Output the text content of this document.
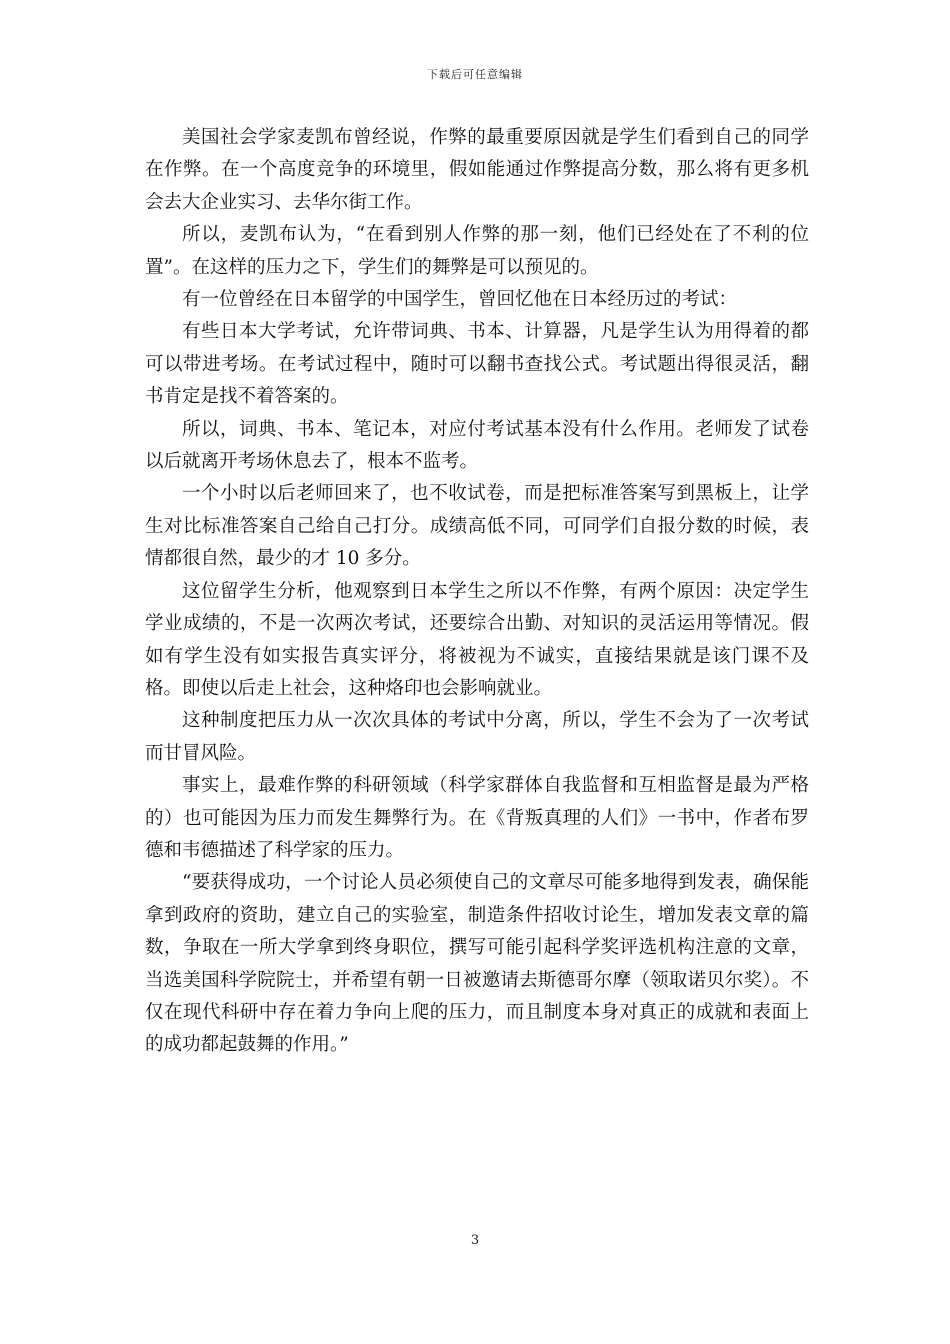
下载后可任意编辑

美国社会学家麦凯布曾经说，作弊的最重要原因就是学生们看到自己的同学在作弊。在一个高度竞争的环境里，假如能通过作弊提高分数，那么将有更多机会去大企业实习、去华尔街工作。

所以，麦凯布认为，“在看到别人作弊的那一刻，他们已经处在了不利的位置”。在这样的压力之下，学生们的舞弊是可以预见的。

有一位曾经在日本留学的中国学生，曾回忆他在日本经历过的考试：

有些日本大学考试，允许带词典、书本、计算器，凡是学生认为用得着的都可以带进考场。在考试过程中，随时可以翻书查找公式。考试题出得很灵活，翻书肯定是找不着答案的。

所以，词典、书本、笔记本，对应付考试基本没有什么作用。老师发了试卷以后就离开考场休息去了，根本不监考。

一个小时以后老师回来了，也不收试卷，而是把标准答案写到黑板上，让学生对比标准答案自己给自己打分。成绩高低不同，可同学们自报分数的时候，表情都很自然，最少的才 10 多分。

这位留学生分析，他观察到日本学生之所以不作弊，有两个原因：决定学生学业成绩的，不是一次两次考试，还要综合出勤、对知识的灵活运用等情况。假如有学生没有如实报告真实评分，将被视为不诚实，直接结果就是该门课不及格。即使以后走上社会，这种烙印也会影响就业。

这种制度把压力从一次次具体的考试中分离，所以，学生不会为了一次考试而甘冒风险。

事实上，最难作弊的科研领域（科学家群体自我监督和互相监督是最为严格的）也可能因为压力而发生舞弊行为。在《背叛真理的人们》一书中，作者布罗德和韦德描述了科学家的压力。

“要获得成功，一个讨论人员必须使自己的文章尽可能多地得到发表，确保能拿到政府的资助，建立自己的实验室，制造条件招收讨论生，增加发表文章的篇数，争取在一所大学拿到终身职位，撰写可能引起科学奖评选机构注意的文章，当选美国科学院院士，并希望有朝一日被邀请去斯德哥尔摩（领取诺贝尔奖）。不仅在现代科研中存在着力争向上爬的压力，而且制度本身对真正的成就和表面上的成功都起鼓舞的作用。”

3
